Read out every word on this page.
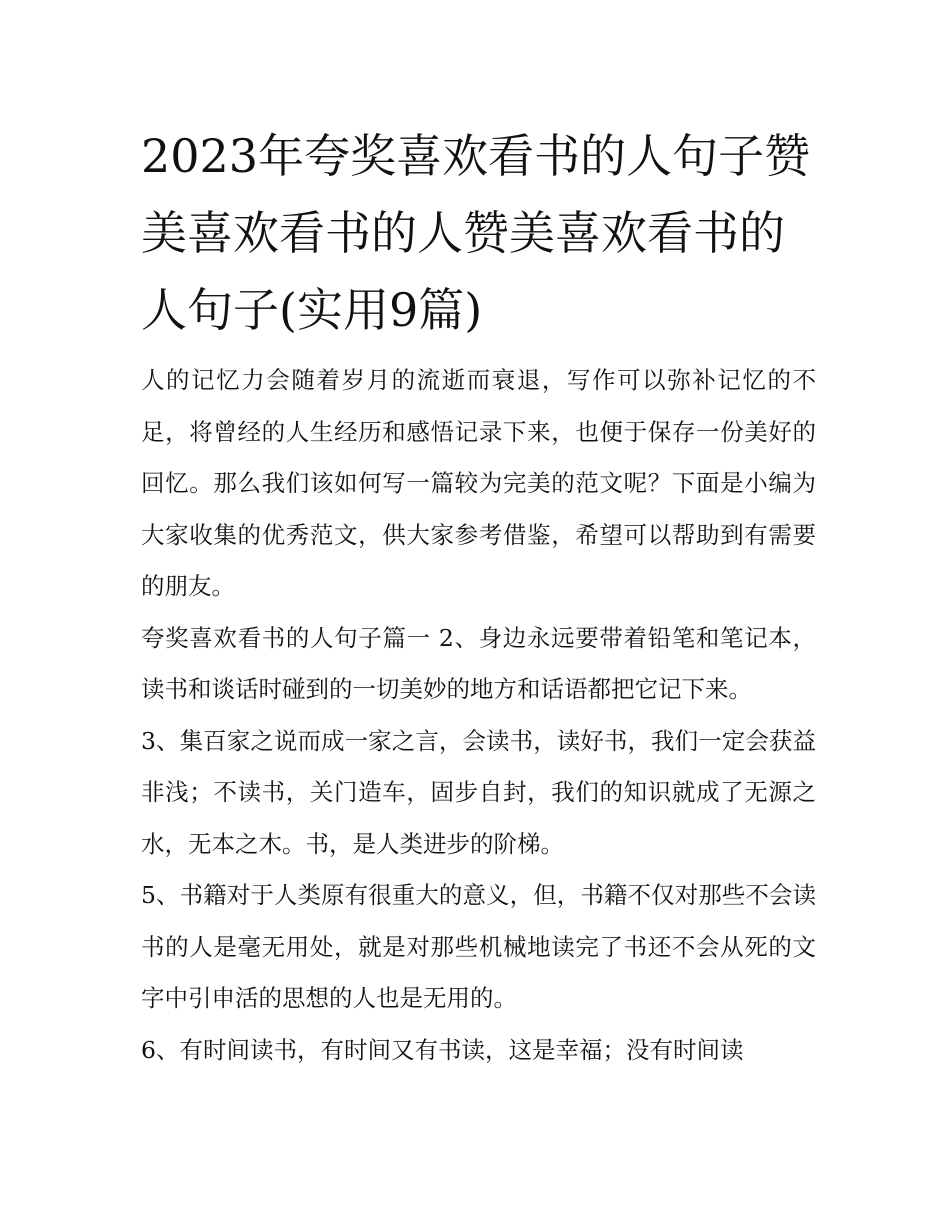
2023年夸奖喜欢看书的人句子赞美喜欢看书的人赞美喜欢看书的人句子(实用9篇)

人的记忆力会随着岁月的流逝而衰退，写作可以弥补记忆的不足，将曾经的人生经历和感悟记录下来，也便于保存一份美好的回忆。那么我们该如何写一篇较为完美的范文呢？下面是小编为大家收集的优秀范文，供大家参考借鉴，希望可以帮助到有需要的朋友。

夸奖喜欢看书的人句子篇一 2、身边永远要带着铅笔和笔记本，读书和谈话时碰到的一切美妙的地方和话语都把它记下来。

3、集百家之说而成一家之言，会读书，读好书，我们一定会获益非浅；不读书，关门造车，固步自封，我们的知识就成了无源之水，无本之木。书，是人类进步的阶梯。

5、书籍对于人类原有很重大的意义，但，书籍不仅对那些不会读书的人是毫无用处，就是对那些机械地读完了书还不会从死的文字中引申活的思想的人也是无用的。

6、有时间读书，有时间又有书读，这是幸福；没有时间读
